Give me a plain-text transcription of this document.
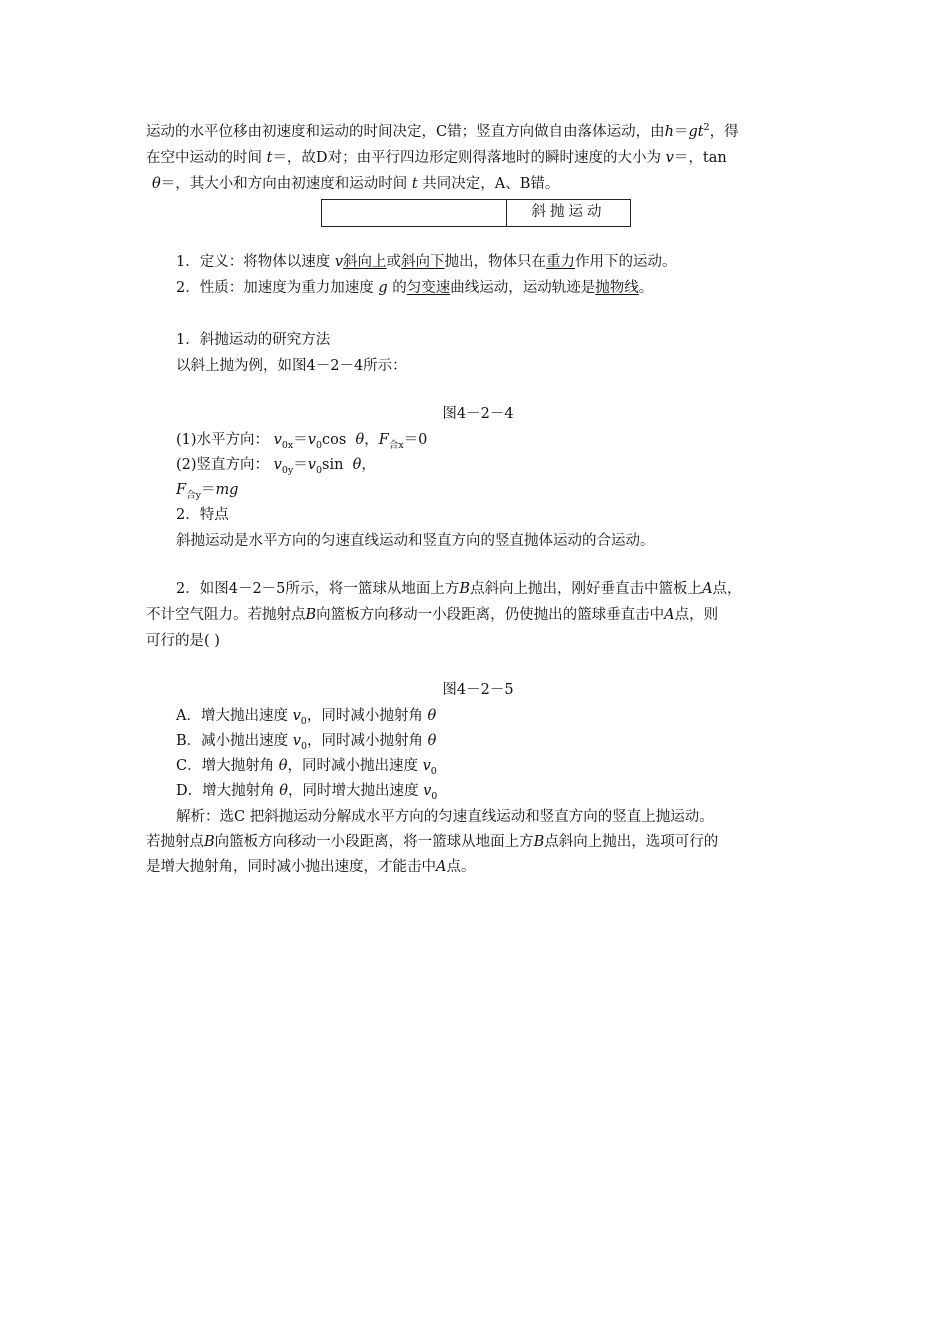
运动的水平位移由初速度和运动的时间决定，C错；竖直方向做自由落体运动，由$h=gt^2$，得
在空中运动的时间 t＝，故D对；由平行四边形定则得落地时的瞬时速度的大小为 v＝，tan
θ＝，其大小和方向由初速度和运动时间 t 共同决定，A、B错。
斜抛运动
1．定义：将物体以速度 v斜向上或斜向下抛出，物体只在重力作用下的运动。
2．性质：加速度为重力加速度 g 的匀变速曲线运动，运动轨迹是抛物线。
1．斜抛运动的研究方法
以斜上抛为例，如图4－2－4所示：
图4－2－4
(1)水平方向： $v_{0x}=v_0\cos$ θ，$F_{合x}=0$
(2)竖直方向： $v_{0y}=v_0\sin$ θ，
$F_{合y}=mg$
2．特点
斜抛运动是水平方向的匀速直线运动和竖直方向的竖直抛体运动的合运动。
2．如图4－2－5所示，将一篮球从地面上方B点斜向上抛出，刚好垂直击中篮板上A点，
不计空气阻力。若抛射点B向篮板方向移动一小段距离，仍使抛出的篮球垂直击中A点，则
可行的是( )
图4－2－5
A．增大抛出速度 $v_0$，同时减小抛射角 θ
B．减小抛出速度 $v_0$，同时减小抛射角 θ
C．增大抛射角 θ，同时减小抛出速度 $v_0$
D．增大抛射角 θ，同时增大抛出速度 $v_0$
解析：选C 把斜抛运动分解成水平方向的匀速直线运动和竖直方向的竖直上抛运动。
若抛射点B向篮板方向移动一小段距离，将一篮球从地面上方B点斜向上抛出，选项可行的
是增大抛射角，同时减小抛出速度，才能击中A点。
